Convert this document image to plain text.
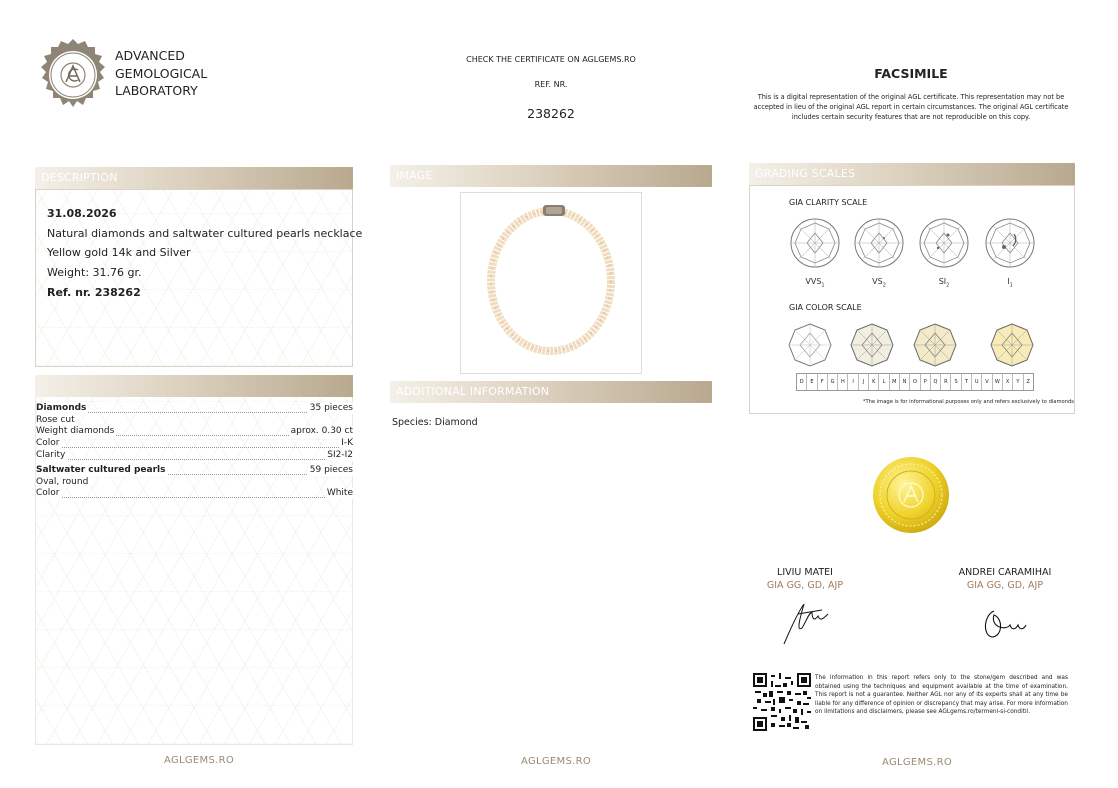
ADVANCED
GEMOLOGICAL
LABORATORY
CHECK THE CERTIFICATE ON AGLGEMS.RO
REF. NR.
238262
FACSIMILE
This is a digital representation of the original AGL certificate. This representation may not be accepted in lieu of the original AGL report in certain circumstances. The original AGL certificate includes certain security features that are not reproducible on this copy.
DESCRIPTION
31.08.2026
Natural diamonds and saltwater cultured pearls necklace
Yellow gold 14k and Silver
Weight: 31.76 gr.
Ref. nr. 238262
Diamonds	35 pieces
Rose cut
Weight diamonds	aprox. 0.30 ct
Color	I-K
Clarity	SI2-I2
Saltwater cultured pearls	59 pieces
Oval, round
Color	White
AGLGEMS.RO
IMAGE
ADDITIONAL INFORMATION
Species: Diamond
AGLGEMS.RO
GRADING SCALES
GIA CLARITY SCALE
$VVS_1$	$VS_2$	$SI_2$	$I_1$
GIA COLOR SCALE
D	E	F	G	H	I	J	K	L	M	N	O	P	Q	R	S	T	U	V	W	X	Y	Z
*The image is for informational purposes only and refers exclusively to diamonds
LIVIU MATEI
GIA GG, GD, AJP
ANDREI CARAMIHAI
GIA GG, GD, AJP
The information in this report refers only to the stone/gem described and was obtained using the techniques and equipment available at the time of examination. This report is not a guarantee. Neither AGL nor any of its experts shall at any time be liable for any difference of opinion or discrepancy that may arise. For more information on limitations and disclaimers, please see AGLgems.ro/termeni-si-conditii.
AGLGEMS.RO
